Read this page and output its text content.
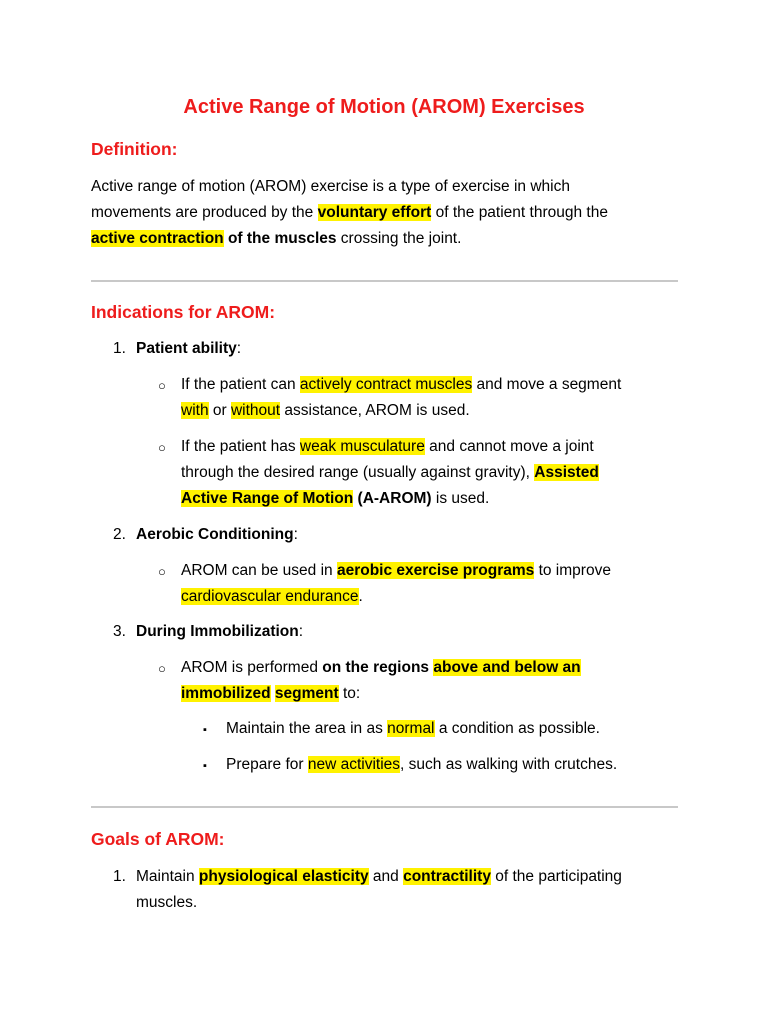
Active Range of Motion (AROM) Exercises
Definition:
Active range of motion (AROM) exercise is a type of exercise in which
movements are produced by the voluntary effort of the patient through the
active contraction of the muscles crossing the joint.
Indications for AROM:
1. Patient ability:
○ If the patient can actively contract muscles and move a segment
with or without assistance, AROM is used.
○ If the patient has weak musculature and cannot move a joint
through the desired range (usually against gravity), Assisted
Active Range of Motion (A-AROM) is used.
2. Aerobic Conditioning:
○ AROM can be used in aerobic exercise programs to improve
cardiovascular endurance.
3. During Immobilization:
○ AROM is performed on the regions above and below an
immobilized segment to:
▪ Maintain the area in as normal a condition as possible.
▪ Prepare for new activities, such as walking with crutches.
Goals of AROM:
1. Maintain physiological elasticity and contractility of the participating
muscles.
